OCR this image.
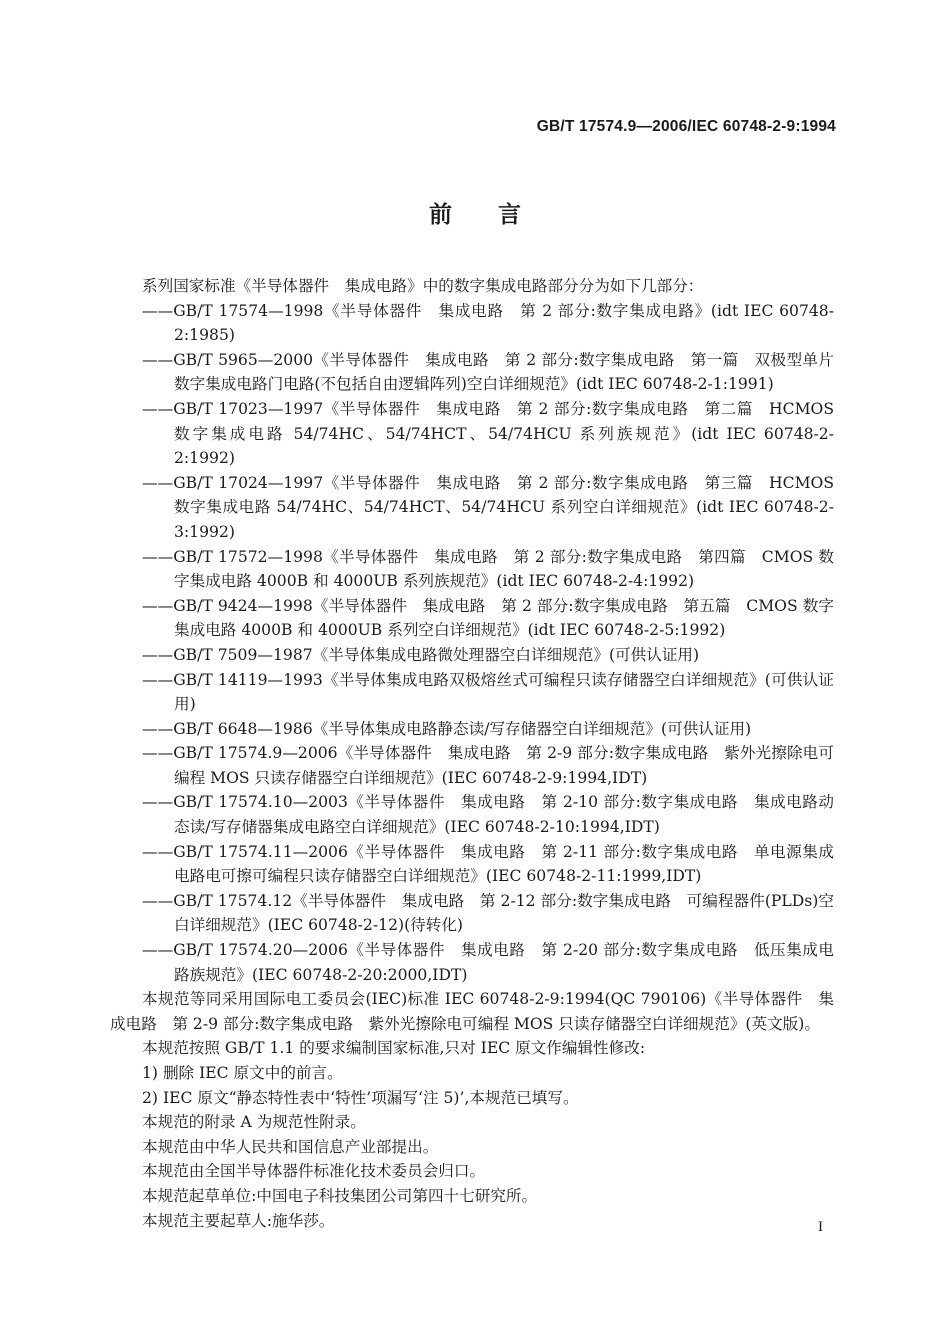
GB/T 17574.9—2006/IEC 60748-2-9:1994
前言
系列国家标准《半导体器件　集成电路》中的数字集成电路部分分为如下几部分：
——GB/T 17574—1998《半导体器件　集成电路　第 2 部分:数字集成电路》(idt IEC 60748-2:1985)
——GB/T 5965—2000《半导体器件　集成电路　第 2 部分:数字集成电路　第一篇　双极型单片数字集成电路门电路(不包括自由逻辑阵列)空白详细规范》(idt IEC 60748-2-1:1991)
——GB/T 17023—1997《半导体器件　集成电路　第 2 部分:数字集成电路　第二篇　HCMOS 数字集成电路 54/74HC、54/74HCT、54/74HCU 系列族规范》(idt IEC 60748-2-2:1992)
——GB/T 17024—1997《半导体器件　集成电路　第 2 部分:数字集成电路　第三篇　HCMOS 数字集成电路 54/74HC、54/74HCT、54/74HCU 系列空白详细规范》(idt IEC 60748-2-3:1992)
——GB/T 17572—1998《半导体器件　集成电路　第 2 部分:数字集成电路　第四篇　CMOS 数字集成电路 4000B 和 4000UB 系列族规范》(idt IEC 60748-2-4:1992)
——GB/T 9424—1998《半导体器件　集成电路　第 2 部分:数字集成电路　第五篇　CMOS 数字集成电路 4000B 和 4000UB 系列空白详细规范》(idt IEC 60748-2-5:1992)
——GB/T 7509—1987《半导体集成电路微处理器空白详细规范》(可供认证用)
——GB/T 14119—1993《半导体集成电路双极熔丝式可编程只读存储器空白详细规范》(可供认证用)
——GB/T 6648—1986《半导体集成电路静态读/写存储器空白详细规范》(可供认证用)
——GB/T 17574.9—2006《半导体器件　集成电路　第 2-9 部分:数字集成电路　紫外光擦除电可编程 MOS 只读存储器空白详细规范》(IEC 60748-2-9:1994,IDT)
——GB/T 17574.10—2003《半导体器件　集成电路　第 2-10 部分:数字集成电路　集成电路动态读/写存储器集成电路空白详细规范》(IEC 60748-2-10:1994,IDT)
——GB/T 17574.11—2006《半导体器件　集成电路　第 2-11 部分:数字集成电路　单电源集成电路电可擦可编程只读存储器空白详细规范》(IEC 60748-2-11:1999,IDT)
——GB/T 17574.12《半导体器件　集成电路　第 2-12 部分:数字集成电路　可编程器件(PLDs)空白详细规范》(IEC 60748-2-12)(待转化)
——GB/T 17574.20—2006《半导体器件　集成电路　第 2-20 部分:数字集成电路　低压集成电路族规范》(IEC 60748-2-20:2000,IDT)
本规范等同采用国际电工委员会(IEC)标准 IEC 60748-2-9:1994(QC 790106)《半导体器件　集成电路　第 2-9 部分:数字集成电路　紫外光擦除电可编程 MOS 只读存储器空白详细规范》(英文版)。
本规范按照 GB/T 1.1 的要求编制国家标准,只对 IEC 原文作编辑性修改:
1) 删除 IEC 原文中的前言。
2) IEC 原文“静态特性表中‘特性’项漏写‘注 5)’,本规范已填写。
本规范的附录 A 为规范性附录。
本规范由中华人民共和国信息产业部提出。
本规范由全国半导体器件标准化技术委员会归口。
本规范起草单位:中国电子科技集团公司第四十七研究所。
本规范主要起草人:施华莎。	I
